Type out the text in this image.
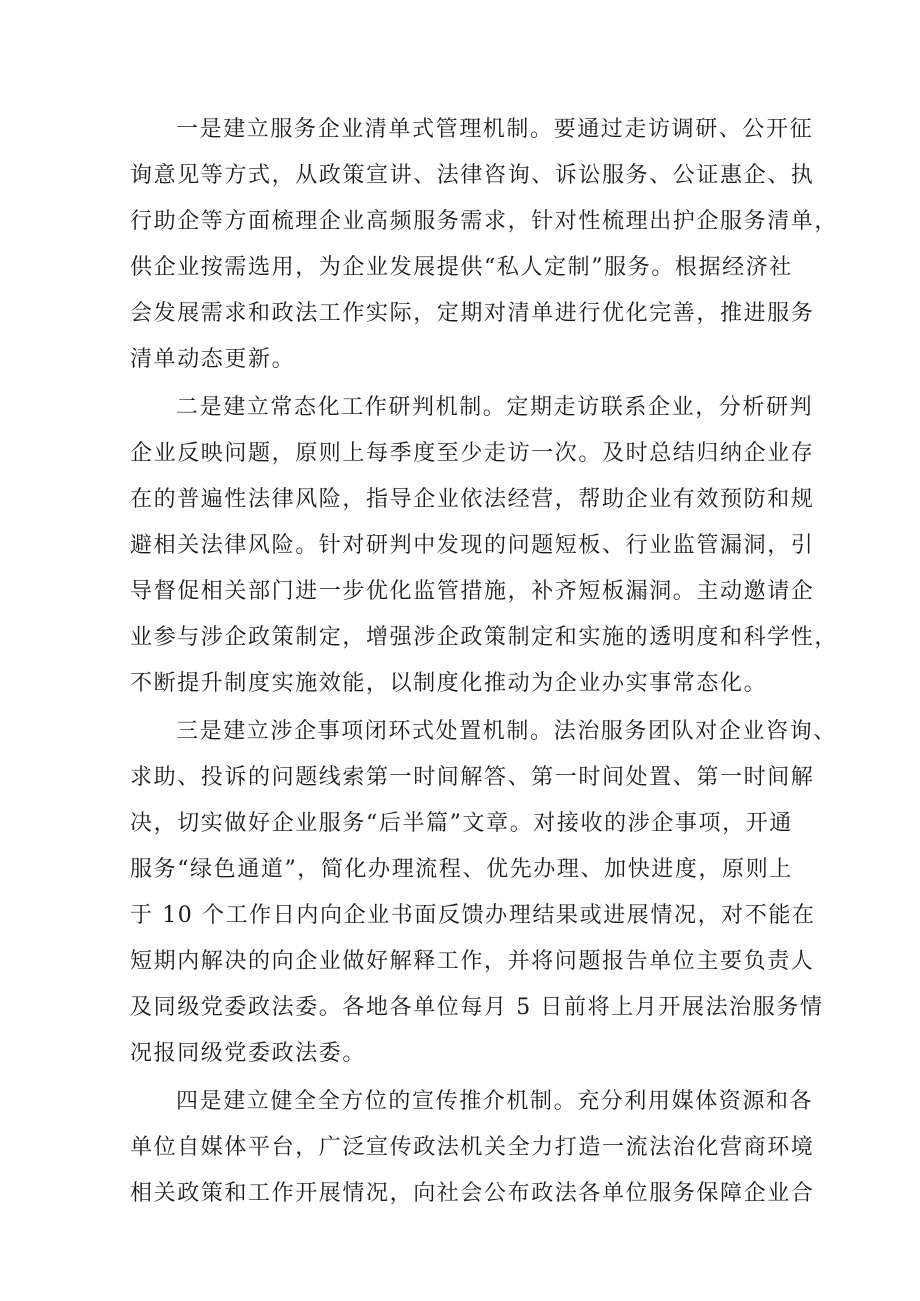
一是建立服务企业清单式管理机制。要通过走访调研、公开征
询意见等方式，从政策宣讲、法律咨询、诉讼服务、公证惠企、执
行助企等方面梳理企业高频服务需求，针对性梳理出护企服务清单，
供企业按需选用，为企业发展提供“私人定制”服务。根据经济社
会发展需求和政法工作实际，定期对清单进行优化完善，推进服务
清单动态更新。
二是建立常态化工作研判机制。定期走访联系企业，分析研判
企业反映问题，原则上每季度至少走访一次。及时总结归纳企业存
在的普遍性法律风险，指导企业依法经营，帮助企业有效预防和规
避相关法律风险。针对研判中发现的问题短板、行业监管漏洞，引
导督促相关部门进一步优化监管措施，补齐短板漏洞。主动邀请企
业参与涉企政策制定，增强涉企政策制定和实施的透明度和科学性，
不断提升制度实施效能，以制度化推动为企业办实事常态化。
三是建立涉企事项闭环式处置机制。法治服务团队对企业咨询、
求助、投诉的问题线索第一时间解答、第一时间处置、第一时间解
决，切实做好企业服务“后半篇”文章。对接收的涉企事项，开通
服务“绿色通道”，简化办理流程、优先办理、加快进度，原则上
于 10 个工作日内向企业书面反馈办理结果或进展情况，对不能在
短期内解决的向企业做好解释工作，并将问题报告单位主要负责人
及同级党委政法委。各地各单位每月 5 日前将上月开展法治服务情
况报同级党委政法委。
四是建立健全全方位的宣传推介机制。充分利用媒体资源和各
单位自媒体平台，广泛宣传政法机关全力打造一流法治化营商环境
相关政策和工作开展情况，向社会公布政法各单位服务保障企业合
